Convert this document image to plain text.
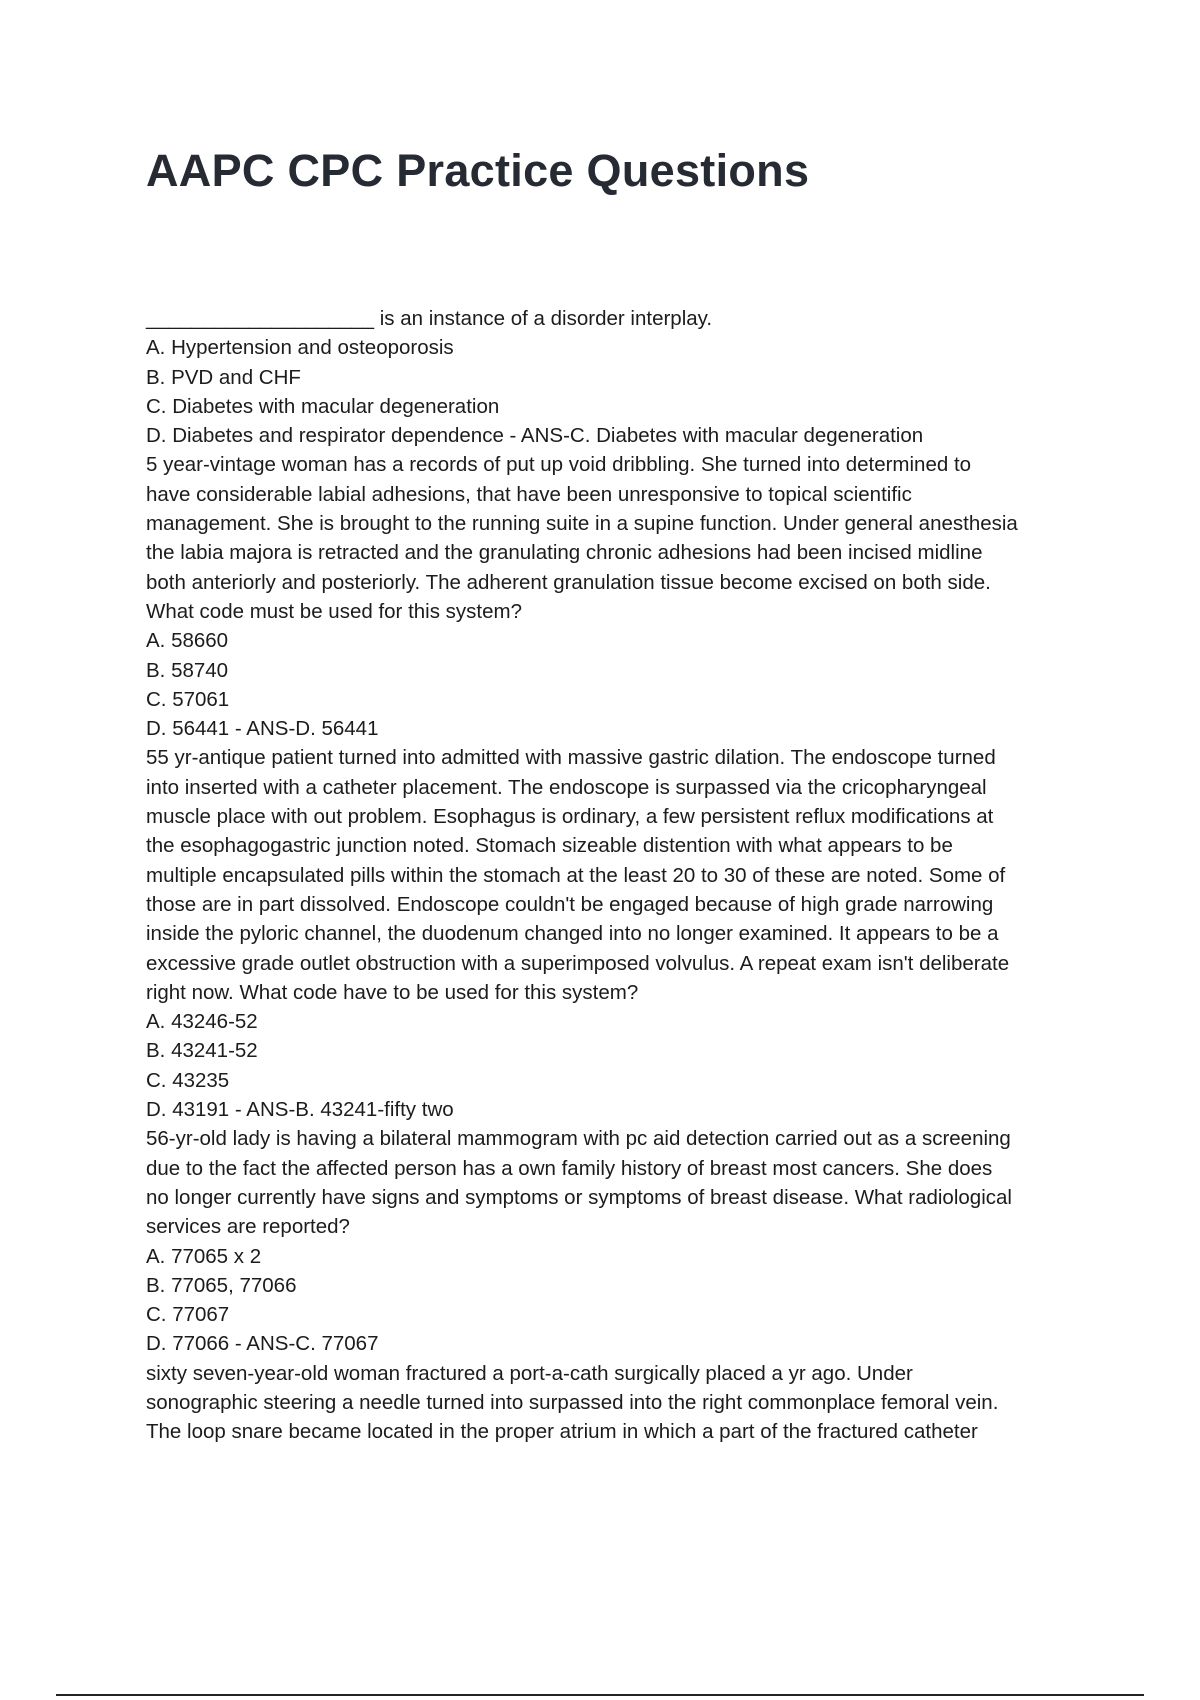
AAPC CPC Practice Questions
____________________ is an instance of a disorder interplay.
A. Hypertension and osteoporosis
B. PVD and CHF
C. Diabetes with macular degeneration
D. Diabetes and respirator dependence - ANS-C. Diabetes with macular degeneration
5 year-vintage woman has a records of put up void dribbling. She turned into determined to
have considerable labial adhesions, that have been unresponsive to topical scientific
management. She is brought to the running suite in a supine function. Under general anesthesia
the labia majora is retracted and the granulating chronic adhesions had been incised midline
both anteriorly and posteriorly. The adherent granulation tissue become excised on both side.
What code must be used for this system?
A. 58660
B. 58740
C. 57061
D. 56441 - ANS-D. 56441
55 yr-antique patient turned into admitted with massive gastric dilation. The endoscope turned
into inserted with a catheter placement. The endoscope is surpassed via the cricopharyngeal
muscle place with out problem. Esophagus is ordinary, a few persistent reflux modifications at
the esophagogastric junction noted. Stomach sizeable distention with what appears to be
multiple encapsulated pills within the stomach at the least 20 to 30 of these are noted. Some of
those are in part dissolved. Endoscope couldn't be engaged because of high grade narrowing
inside the pyloric channel, the duodenum changed into no longer examined. It appears to be a
excessive grade outlet obstruction with a superimposed volvulus. A repeat exam isn't deliberate
right now. What code have to be used for this system?
A. 43246-52
B. 43241-52
C. 43235
D. 43191 - ANS-B. 43241-fifty two
56-yr-old lady is having a bilateral mammogram with pc aid detection carried out as a screening
due to the fact the affected person has a own family history of breast most cancers. She does
no longer currently have signs and symptoms or symptoms of breast disease. What radiological
services are reported?
A. 77065 x 2
B. 77065, 77066
C. 77067
D. 77066 - ANS-C. 77067
sixty seven-year-old woman fractured a port-a-cath surgically placed a yr ago. Under
sonographic steering a needle turned into surpassed into the right commonplace femoral vein.
The loop snare became located in the proper atrium in which a part of the fractured catheter
